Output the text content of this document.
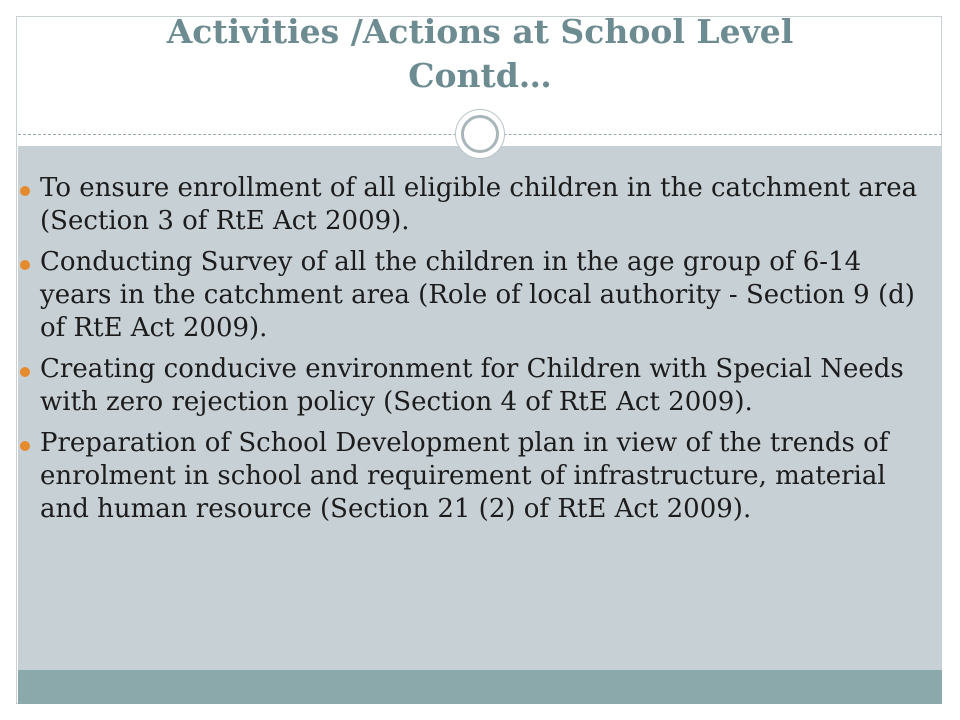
Activities /Actions at School Level
Contd…
To ensure enrollment of all eligible children in the catchment area (Section 3 of RtE Act 2009).
Conducting Survey of all the children in the age group of 6-14 years in the catchment area (Role of local authority - Section 9 (d) of RtE Act 2009).
Creating conducive environment for Children with Special Needs with zero rejection policy (Section 4 of RtE Act 2009).
Preparation of School Development plan in view of the trends of enrolment in school and requirement of infrastructure, material and human resource (Section 21 (2) of RtE Act 2009).
